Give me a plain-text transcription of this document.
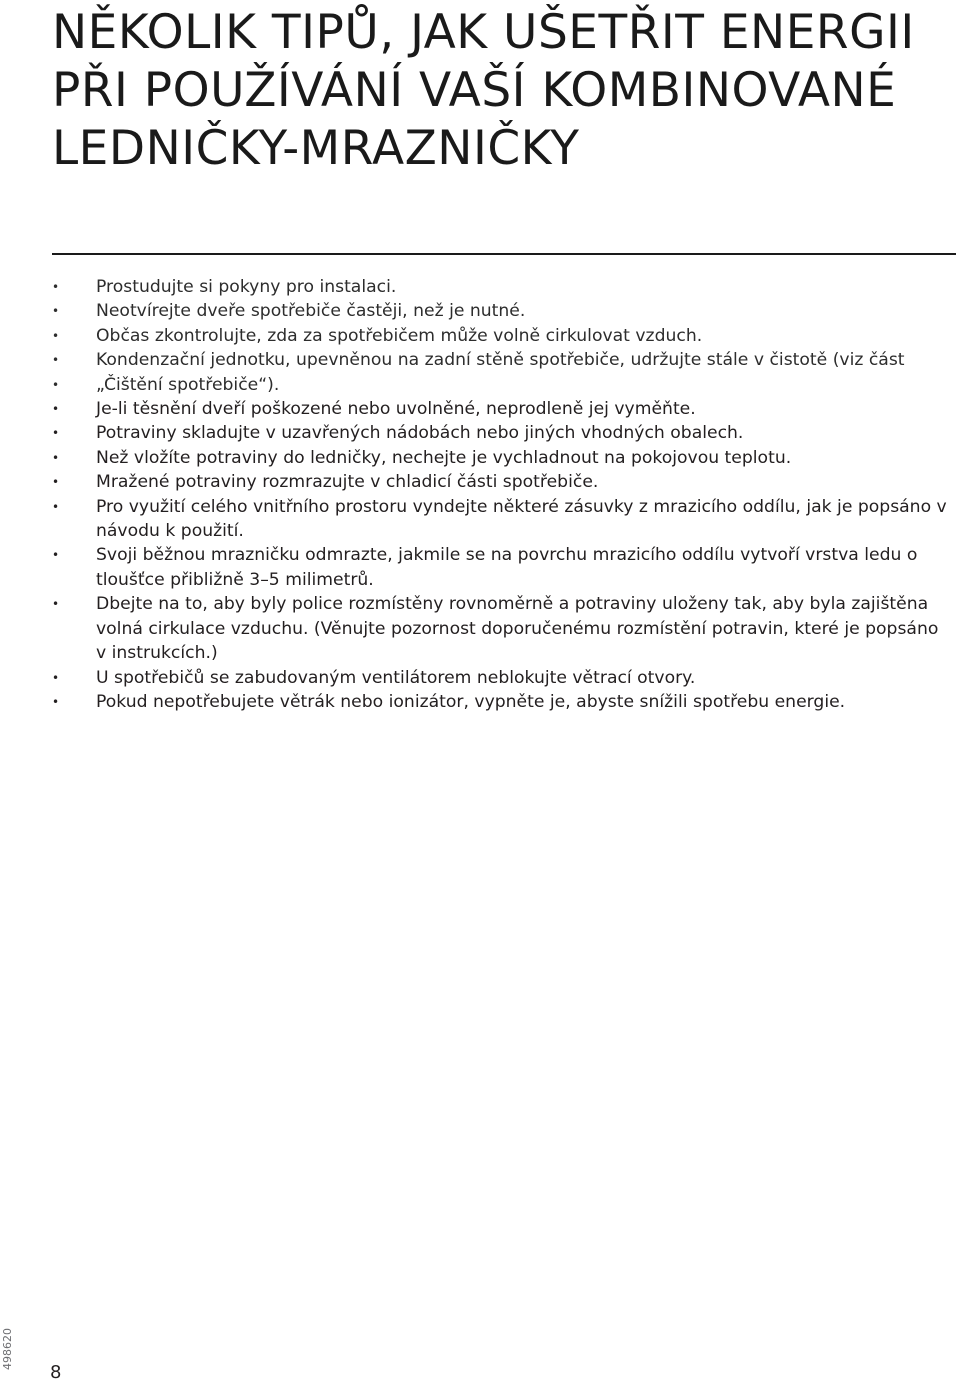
NĚKOLIK TIPŮ, JAK UŠETŘIT ENERGII PŘI POUŽÍVÁNÍ VAŠÍ KOMBINOVANÉ LEDNIČKY-MRAZNIČKY
• Prostudujte si pokyny pro instalaci.
• Neotvírejte dveře spotřebiče častěji, než je nutné.
• Občas zkontrolujte, zda za spotřebičem může volně cirkulovat vzduch.
• Kondenzační jednotku, upevněnou na zadní stěně spotřebiče, udržujte stále v čistotě (viz část
• „Čištění spotřebiče“).
• Je-li těsnění dveří poškozené nebo uvolněné, neprodleně jej vyměňte.
• Potraviny skladujte v uzavřených nádobách nebo jiných vhodných obalech.
• Než vložíte potraviny do ledničky, nechejte je vychladnout na pokojovou teplotu.
• Mražené potraviny rozmrazujte v chladicí části spotřebiče.
• Pro využití celého vnitřního prostoru vyndejte některé zásuvky z mrazicího oddílu, jak je popsáno v návodu k použití.
• Svoji běžnou mrazničku odmrazte, jakmile se na povrchu mrazicího oddílu vytvoří vrstva ledu o tloušťce přibližně 3–5 milimetrů.
• Dbejte na to, aby byly police rozmístěny rovnoměrně a potraviny uloženy tak, aby byla zajištěna volná cirkulace vzduchu. (Věnujte pozornost doporučenému rozmístění potravin, které je popsáno v instrukcích.)
• U spotřebičů se zabudovaným ventilátorem neblokujte větrací otvory.
• Pokud nepotřebujete větrák nebo ionizátor, vypněte je, abyste snížili spotřebu energie.
498620
8
